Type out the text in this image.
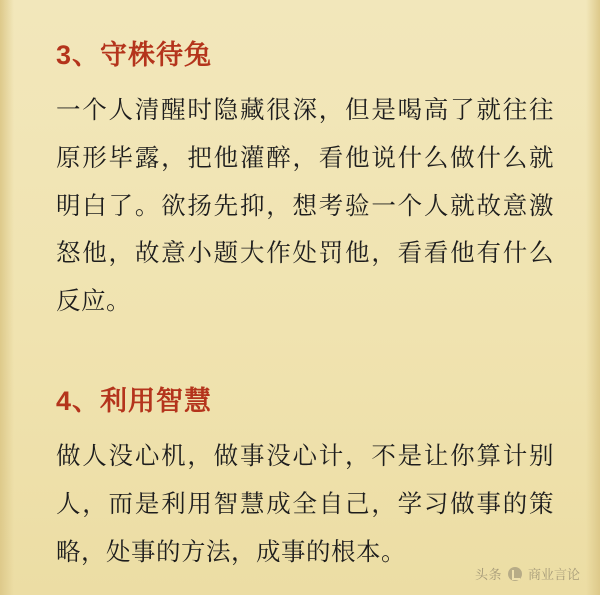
3、守株待兔

一个人清醒时隐藏很深，但是喝高了就往往原形毕露，把他灌醉，看他说什么做什么就明白了。欲扬先抑，想考验一个人就故意激怒他，故意小题大作处罚他，看看他有什么反应。

4、利用智慧

做人没心机，做事没心计，不是让你算计别人，而是利用智慧成全自己，学习做事的策略，处事的方法，成事的根本。

头条 商业言论
